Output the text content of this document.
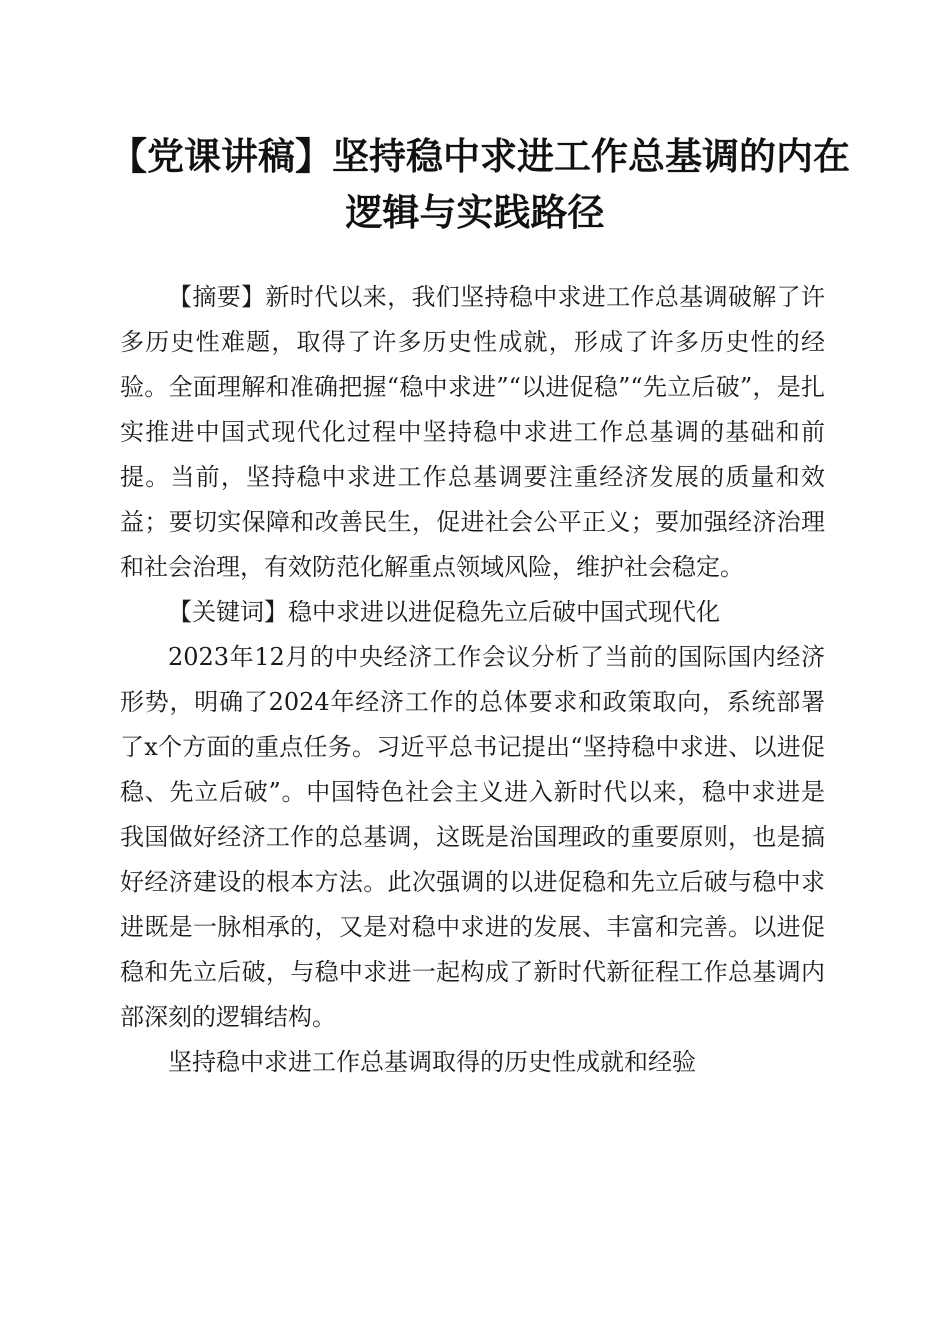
【党课讲稿】坚持稳中求进工作总基调的内在
逻辑与实践路径

【摘要】新时代以来，我们坚持稳中求进工作总基调破解了许多历史性难题，取得了许多历史性成就，形成了许多历史性的经验。全面理解和准确把握“稳中求进”“以进促稳”“先立后破”，是扎实推进中国式现代化过程中坚持稳中求进工作总基调的基础和前提。当前，坚持稳中求进工作总基调要注重经济发展的质量和效益；要切实保障和改善民生，促进社会公平正义；要加强经济治理和社会治理，有效防范化解重点领域风险，维护社会稳定。

【关键词】稳中求进以进促稳先立后破中国式现代化

2023年12月的中央经济工作会议分析了当前的国际国内经济形势，明确了2024年经济工作的总体要求和政策取向，系统部署了x个方面的重点任务。习近平总书记提出“坚持稳中求进、以进促稳、先立后破”。中国特色社会主义进入新时代以来，稳中求进是我国做好经济工作的总基调，这既是治国理政的重要原则，也是搞好经济建设的根本方法。此次强调的以进促稳和先立后破与稳中求进既是一脉相承的，又是对稳中求进的发展、丰富和完善。以进促稳和先立后破，与稳中求进一起构成了新时代新征程工作总基调内部深刻的逻辑结构。

坚持稳中求进工作总基调取得的历史性成就和经验
